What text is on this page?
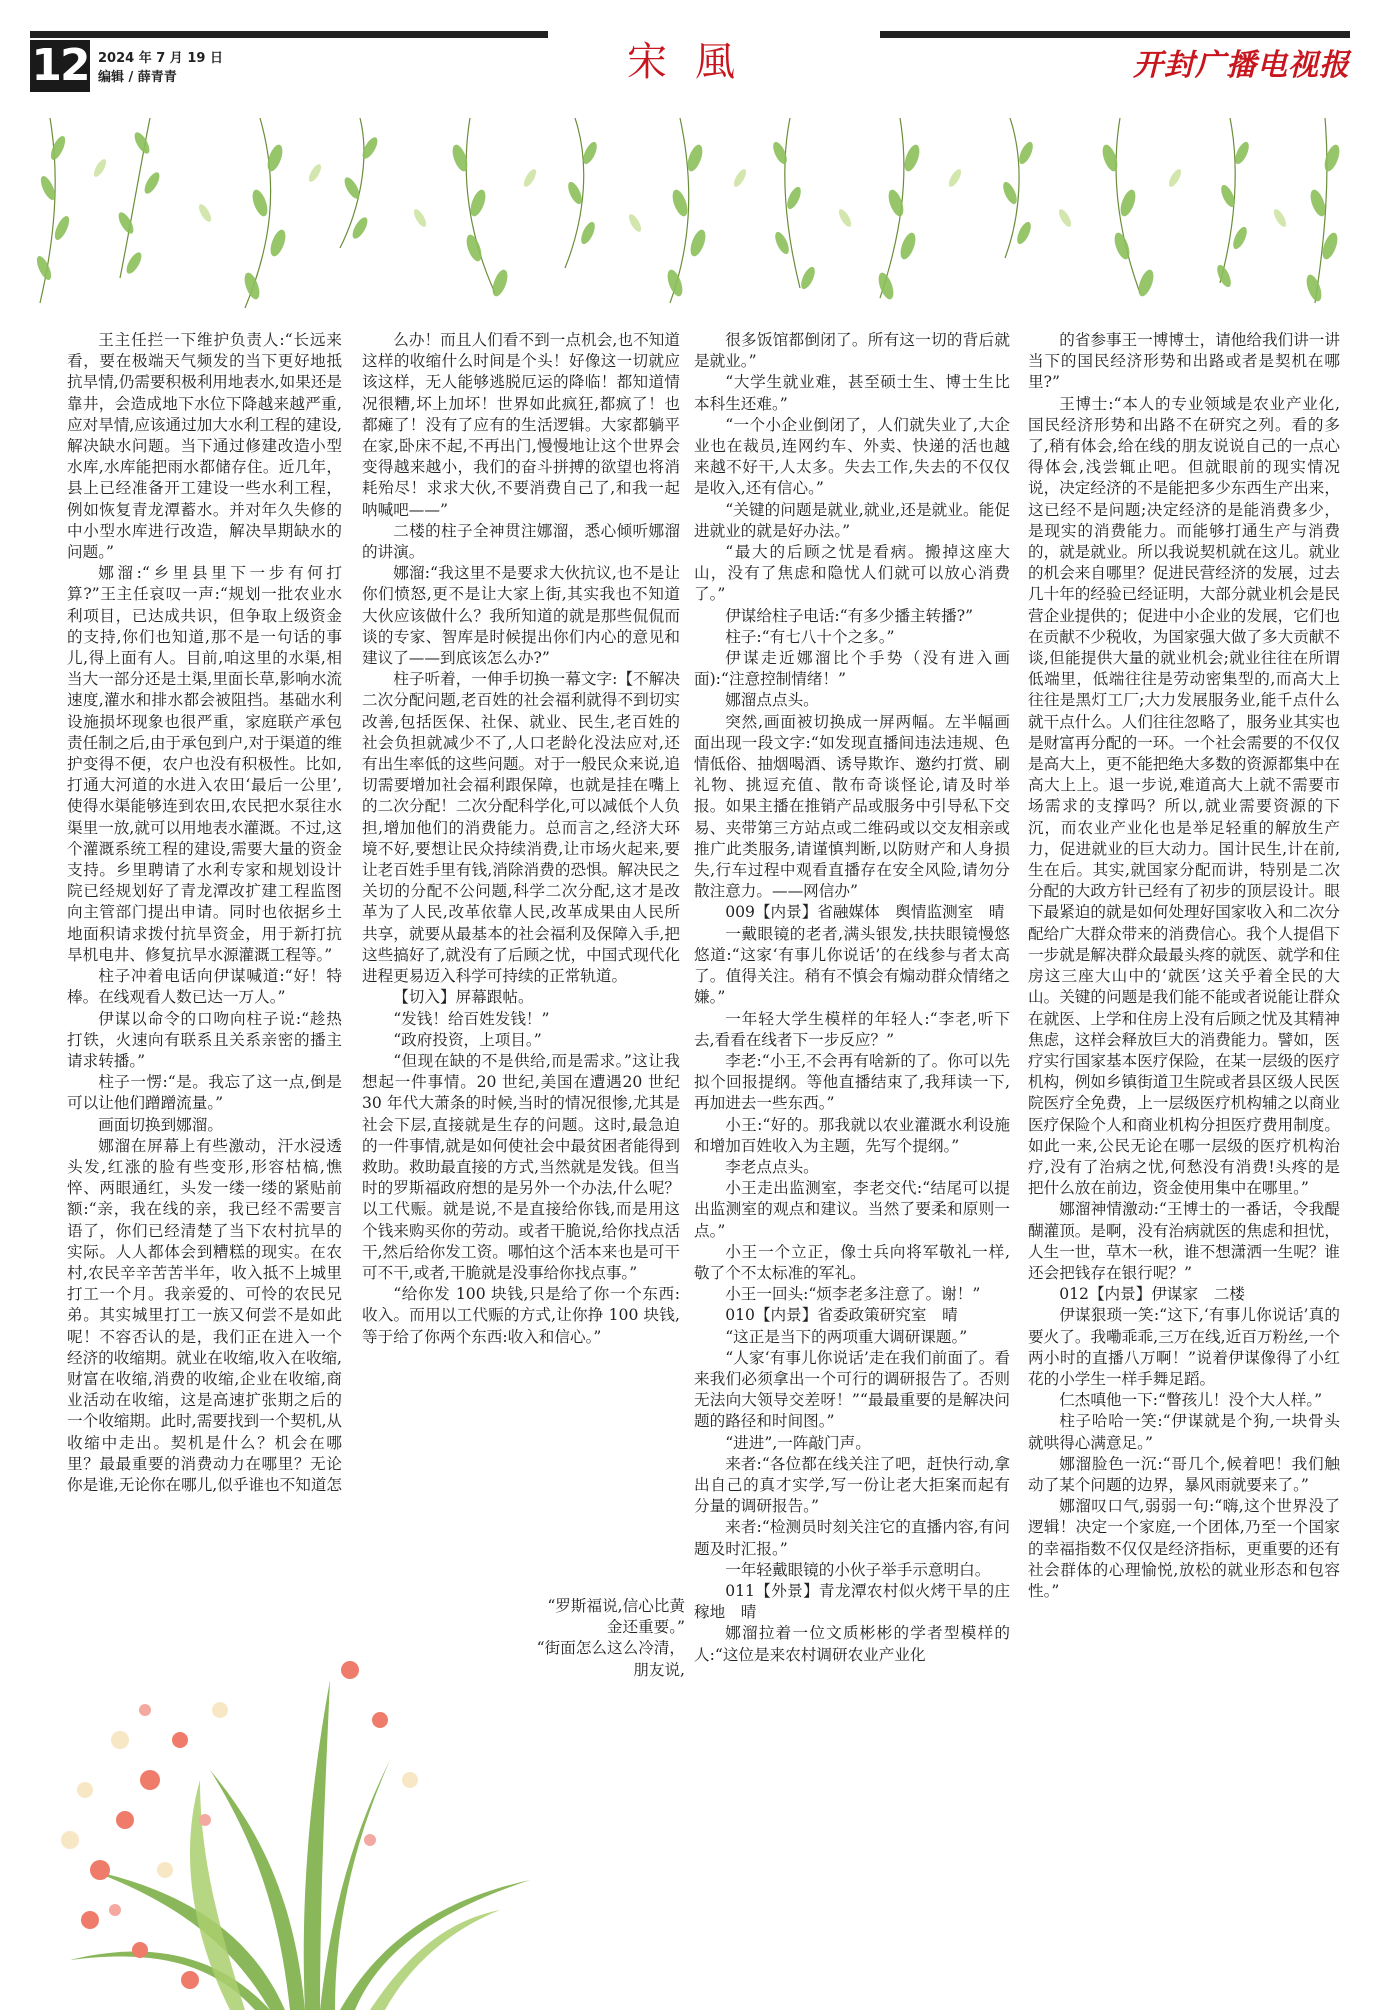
12 2024 年 7 月 19 日
编辑 / 薛青青	宋風	开封广播电视报

王主任拦一下维护负责人:“长远来看，要在极端天气频发的当下更好地抵抗旱情,仍需要积极利用地表水,如果还是靠井，会造成地下水位下降越来越严重,应对旱情,应该通过加大水利工程的建设,解决缺水问题。当下通过修建改造小型水库,水库能把雨水都储存住。近几年，县上已经准备开工建设一些水利工程，例如恢复青龙潭蓄水。并对年久失修的中小型水库进行改造，解决旱期缺水的问题。”

娜溜:“乡里县里下一步有何打算?”王主任哀叹一声:“规划一批农业水利项目，已达成共识，但争取上级资金的支持,你们也知道,那不是一句话的事儿,得上面有人。目前,咱这里的水渠,相当大一部分还是土渠,里面长草,影响水流速度,灌水和排水都会被阻挡。基础水利设施损坏现象也很严重，家庭联产承包责任制之后,由于承包到户,对于渠道的维护变得不便，农户也没有积极性。比如,打通大河道的水进入农田‘最后一公里’,使得水渠能够连到农田,农民把水泵往水渠里一放,就可以用地表水灌溉。不过,这个灌溉系统工程的建设,需要大量的资金支持。乡里聘请了水利专家和规划设计院已经规划好了青龙潭改扩建工程监图向主管部门提出申请。同时也依据乡土地面积请求拨付抗旱资金，用于新打抗旱机电井、修复抗旱水源灌溉工程等。”

柱子冲着电话向伊谋喊道:“好！特棒。在线观看人数已达一万人。”

伊谋以命令的口吻向柱子说:“趁热打铁，火速向有联系且关系亲密的播主请求转播。”

柱子一愣:“是。我忘了这一点,倒是可以让他们蹭蹭流量。”

画面切换到娜溜。

娜溜在屏幕上有些激动，汗水浸透头发,红涨的脸有些变形,形容枯槁,憔悴、两眼通红，头发一缕一缕的紧贴前额:“亲，我在线的亲，我已经不需要言语了，你们已经清楚了当下农村抗旱的实际。人人都体会到糟糕的现实。在农村,农民辛辛苦苦半年，收入抵不上城里打工一个月。我亲爱的、可怜的农民兄弟。其实城里打工一族又何尝不是如此呢！不容否认的是，我们正在进入一个经济的收缩期。就业在收缩,收入在收缩,财富在收缩,消费的收缩,企业在收缩,商业活动在收缩，这是高速扩张期之后的一个收缩期。此时,需要找到一个契机,从收缩中走出。契机是什么？机会在哪里？最最重要的消费动力在哪里？无论你是谁,无论你在哪儿,似乎谁也不知道怎

么办！而且人们看不到一点机会,也不知道这样的收缩什么时间是个头！好像这一切就应该这样，无人能够逃脱厄运的降临！都知道情况很糟,坏上加坏！世界如此疯狂,都疯了！也都瘫了！没有了应有的生活逻辑。大家都躺平在家,卧床不起,不再出门,慢慢地让这个世界会变得越来越小，我们的奋斗拼搏的欲望也将消耗殆尽！求求大伙,不要消费自己了,和我一起呐喊吧——”

二楼的柱子全神贯注娜溜，悉心倾听娜溜的讲演。

娜溜:“我这里不是要求大伙抗议,也不是让你们愤怒,更不是让大家上街,其实我也不知道大伙应该做什么？我所知道的就是那些侃侃而谈的专家、智库是时候提出你们内心的意见和建议了——到底该怎么办?”

柱子听着，一伸手切换一幕文字:【不解决二次分配问题,老百姓的社会福利就得不到切实改善,包括医保、社保、就业、民生,老百姓的社会负担就减少不了,人口老龄化没法应对,还有出生率低的这些问题。对于一般民众来说,追切需要增加社会福利跟保障，也就是挂在嘴上的二次分配！二次分配科学化,可以减低个人负担,增加他们的消费能力。总而言之,经济大环境不好,要想让民众持续消费,让市场火起来,要让老百姓手里有钱,消除消费的恐惧。解决民之关切的分配不公问题,科学二次分配,这才是改革为了人民,改革依靠人民,改革成果由人民所共享，就要从最基本的社会福利及保障入手,把这些搞好了,就没有了后顾之忧，中国式现代化进程更易迈入科学可持续的正常轨道。

【切入】屏幕跟帖。

“发钱！给百姓发钱！”

“政府投资，上项目。”

“但现在缺的不是供给,而是需求。”这让我想起一件事情。20 世纪,美国在遭遇20 世纪30 年代大萧条的时候,当时的情况很惨,尤其是社会下层,直接就是生存的问题。这时,最急迫的一件事情,就是如何使社会中最贫困者能得到救助。救助最直接的方式,当然就是发钱。但当时的罗斯福政府想的是另外一个办法,什么呢？以工代赈。就是说,不是直接给你钱,而是用这个钱来购买你的劳动。或者干脆说,给你找点活干,然后给你发工资。哪怕这个活本来也是可干可不干,或者,干脆就是没事给你找点事。”

“给你发 100 块钱,只是给了你一个东西:收入。而用以工代赈的方式,让你挣 100 块钱,等于给了你两个东西:收入和信心。”

很多饭馆都倒闭了。所有这一切的背后就是就业。”

“大学生就业难，甚至硕士生、博士生比本科生还难。”

“一个小企业倒闭了，人们就失业了,大企业也在裁员,连网约车、外卖、快递的活也越来越不好干,人太多。失去工作,失去的不仅仅是收入,还有信心。”

“关键的问题是就业,就业,还是就业。能促进就业的就是好办法。”

“最大的后顾之忧是看病。搬掉这座大山，没有了焦虑和隐忧人们就可以放心消费了。”

伊谋给柱子电话:“有多少播主转播?”

柱子:“有七八十个之多。”

伊谋走近娜溜比个手势（没有进入画面):“注意控制情绪！”

娜溜点点头。

突然,画面被切换成一屏两幅。左半幅画面出现一段文字:“如发现直播间违法违规、色情低俗、抽烟喝酒、诱导欺诈、邀约打赏、刷礼物、挑逗充值、散布奇谈怪论,请及时举报。如果主播在推销产品或服务中引导私下交易、夹带第三方站点或二维码或以交友相亲或推广此类服务,请谨慎判断,以防财产和人身损失,行车过程中观看直播存在安全风险,请勿分散注意力。——网信办”

009【内景】省融媒体　舆情监测室　晴

一戴眼镜的老者,满头银发,扶扶眼镜慢悠悠道:“这家‘有事儿你说话’的在线参与者太高了。值得关注。稍有不慎会有煽动群众情绪之嫌。”

一年轻大学生模样的年轻人:“李老,听下去,看看在线者下一步反应？”

李老:“小王,不会再有啥新的了。你可以先拟个回报提纲。等他直播结束了,我拜读一下,再加进去一些东西。”

小王:“好的。那我就以农业灌溉水利设施和增加百姓收入为主题，先写个提纲。”

李老点点头。

小王走出监测室，李老交代:“结尾可以提出监测室的观点和建议。当然了要柔和原则一点。”

小王一个立正，像士兵向将军敬礼一样,敬了个不太标准的军礼。

小王一回头:“烦李老多注意了。谢！”

010【内景】省委政策研究室　晴

“这正是当下的两项重大调研课题。”

“人家‘有事儿你说话’走在我们前面了。看来我们必须拿出一个可行的调研报告了。否则无法向大领导交差呀！”“最最重要的是解决问题的路径和时间图。”

“进进”,一阵敲门声。

来者:“各位都在线关注了吧，赶快行动,拿出自己的真才实学,写一份让老大拒案而起有分量的调研报告。”

来者:“检测员时刻关注它的直播内容,有问题及时汇报。”

一年轻戴眼镜的小伙子举手示意明白。

011【外景】青龙潭农村似火烤干旱的庄稼地　晴

娜溜拉着一位文质彬彬的学者型模样的人:“这位是来农村调研农业产业化

的省参事王一博博士，请他给我们讲一讲当下的国民经济形势和出路或者是契机在哪里?”

王博士:“本人的专业领域是农业产业化,国民经济形势和出路不在研究之列。看的多了,稍有体会,给在线的朋友说说自己的一点心得体会,浅尝辄止吧。但就眼前的现实情况说，决定经济的不是能把多少东西生产出来，这已经不是问题;决定经济的是能消费多少，是现实的消费能力。而能够打通生产与消费的，就是就业。所以我说契机就在这儿。就业的机会来自哪里？促进民营经济的发展，过去几十年的经验已经证明，大部分就业机会是民营企业提供的；促进中小企业的发展，它们也在贡献不少税收，为国家强大做了多大贡献不谈,但能提供大量的就业机会;就业往往在所谓低端里，低端往往是劳动密集型的,而高大上往往是黑灯工厂;大力发展服务业,能千点什么就干点什么。人们往往忽略了，服务业其实也是财富再分配的一环。一个社会需要的不仅仅是高大上，更不能把绝大多数的资源都集中在高大上上。退一步说,难道高大上就不需要市场需求的支撑吗？所以,就业需要资源的下沉，而农业产业化也是举足轻重的解放生产力，促进就业的巨大动力。国计民生,计在前,生在后。其实,就国家分配而讲，特别是二次分配的大政方针已经有了初步的顶层设计。眼下最紧迫的就是如何处理好国家收入和二次分配给广大群众带来的消费信心。我个人提倡下一步就是解决群众最最头疼的就医、就学和住房这三座大山中的‘就医’这关乎着全民的大山。关键的问题是我们能不能或者说能让群众在就医、上学和住房上没有后顾之忧及其精神焦虑，这样会释放巨大的消费能力。譬如，医疗实行国家基本医疗保险，在某一层级的医疗机构，例如乡镇街道卫生院或者县区级人民医院医疗全免费，上一层级医疗机构辅之以商业医疗保险个人和商业机构分担医疗费用制度。如此一来,公民无论在哪一层级的医疗机构治疗,没有了治病之忧,何愁没有消费!头疼的是把什么放在前边，资金使用集中在哪里。”

娜溜神情激动:“王博士的一番话，令我醍醐灌顶。是啊，没有治病就医的焦虑和担忧，人生一世，草木一秋，谁不想潇洒一生呢？谁还会把钱存在银行呢？”

012【内景】伊谋家　二楼

伊谋狠琐一笑:“这下,‘有事儿你说话’真的要火了。我嘞乖乖,三万在线,近百万粉丝,一个两小时的直播八万啊！”说着伊谋像得了小红花的小学生一样手舞足蹈。

仁杰嗔他一下:“瞥孩儿！没个大人样。”

柱子哈哈一笑:“伊谋就是个狗,一块骨头就哄得心满意足。”

娜溜脸色一沉:“哥几个,候着吧！我们触动了某个问题的边界，暴风雨就要来了。”

娜溜叹口气,弱弱一句:“嗨,这个世界没了逻辑！决定一个家庭,一个团体,乃至一个国家的幸福指数不仅仅是经济指标，更重要的还有社会群体的心理愉悦,放松的就业形态和包容性。”

“罗斯福说,信心比黄金还重要。”

“街面怎么这么冷清，朋友说,
